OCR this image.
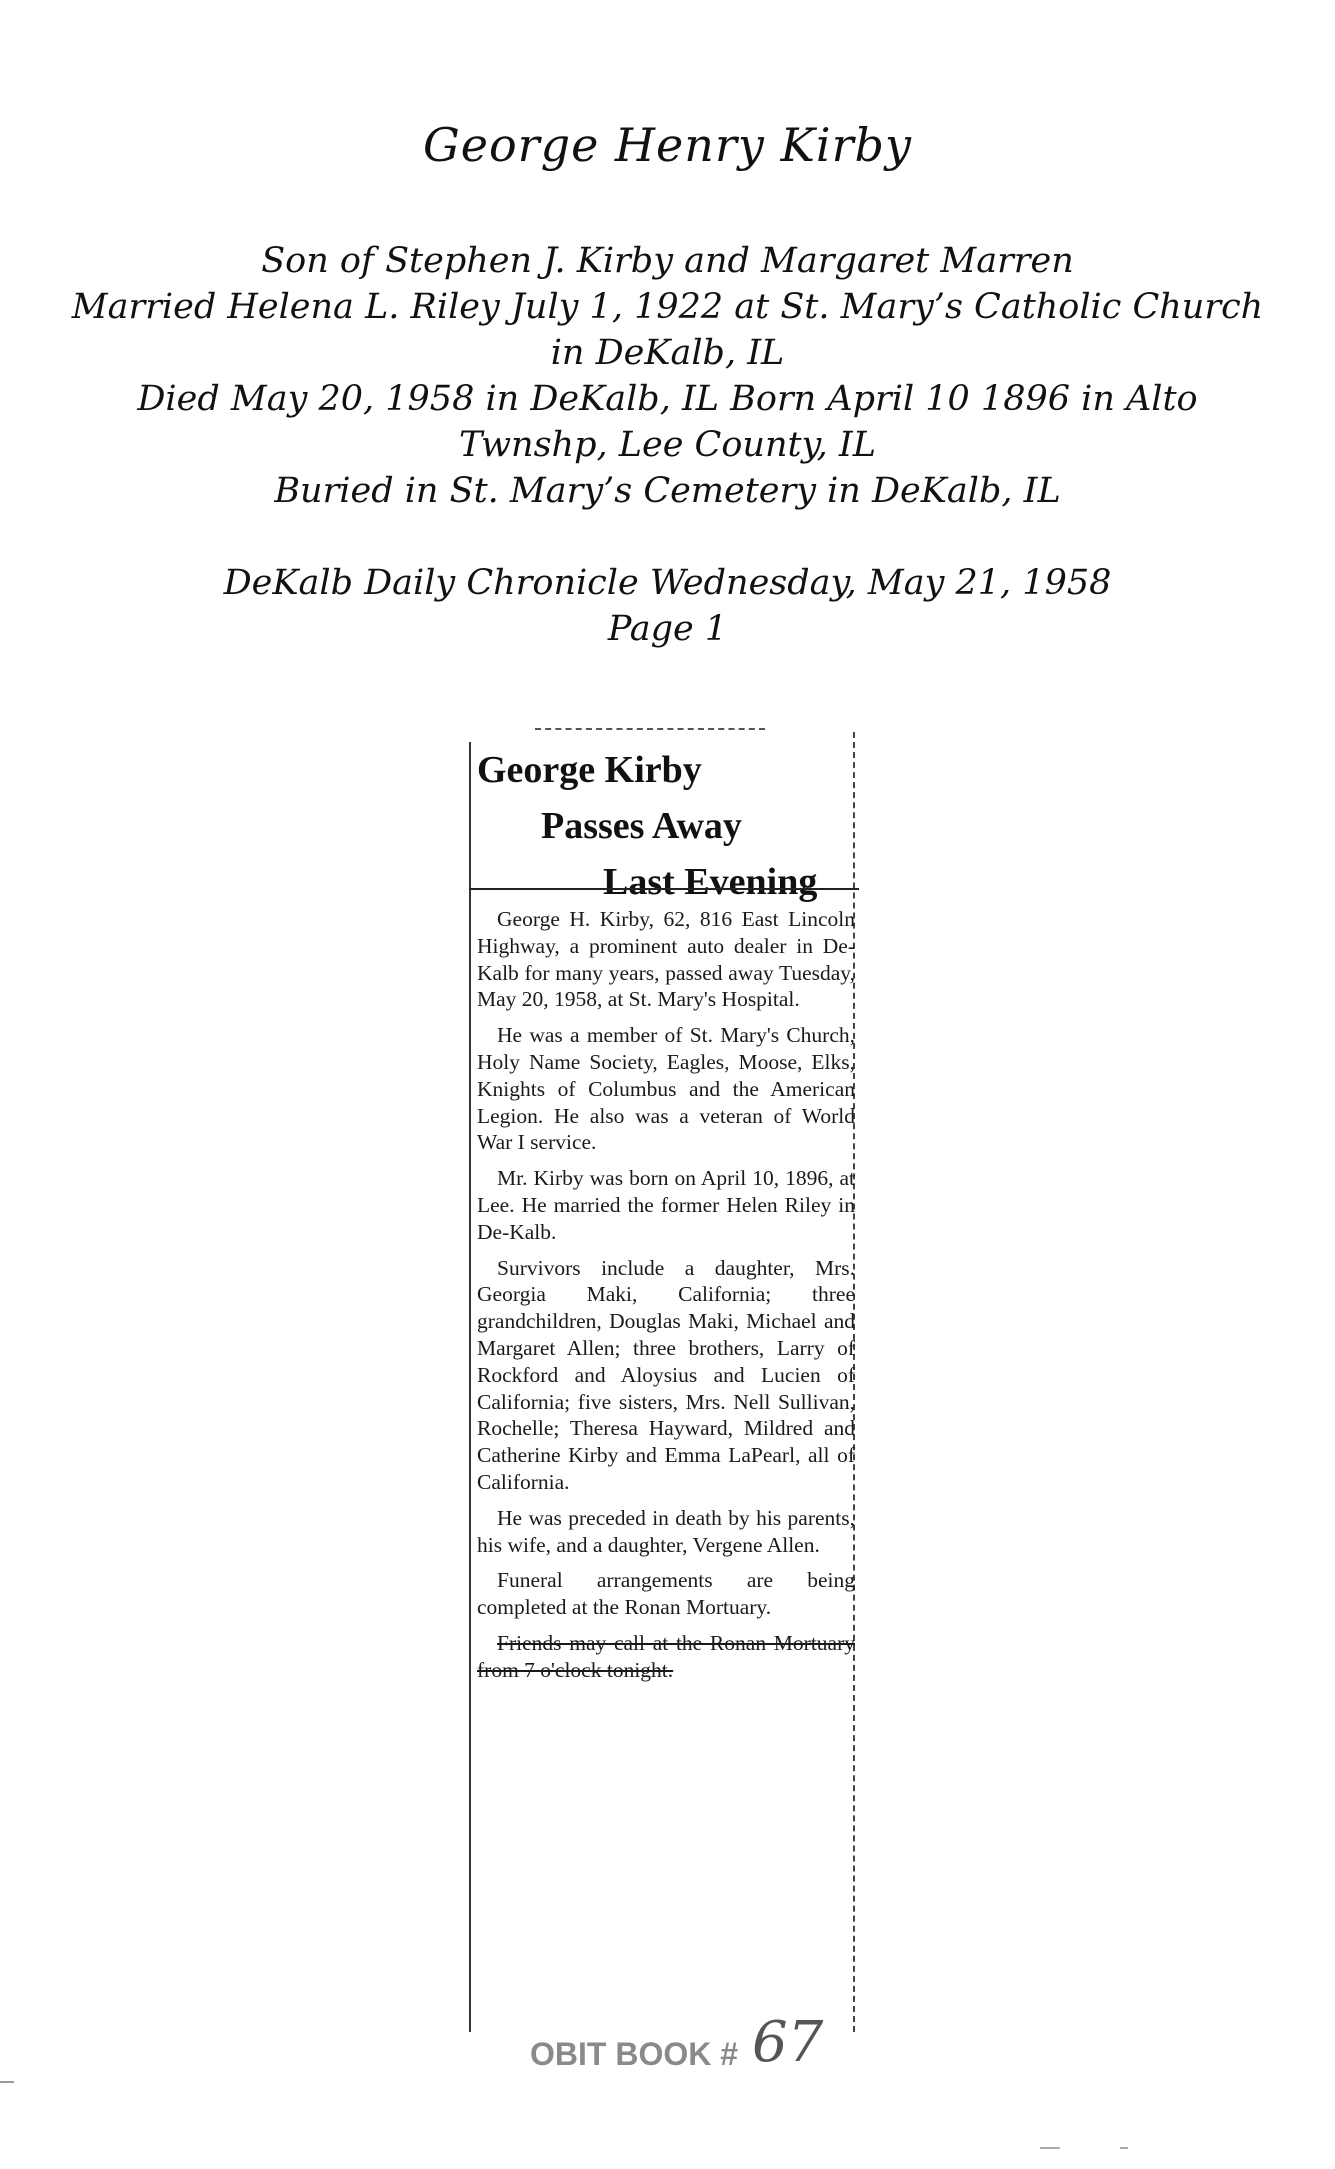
George Henry Kirby
Son of Stephen J. Kirby and Margaret Marren
Married Helena L. Riley July 1, 1922 at St. Mary’s Catholic Church
in DeKalb, IL
Died May 20, 1958 in DeKalb, IL Born April 10 1896 in Alto
Twnshp, Lee County, IL
Buried in St. Mary’s Cemetery in DeKalb, IL
DeKalb Daily Chronicle Wednesday, May 21, 1958
Page 1
George Kirby
Passes Away
Last Evening

George H. Kirby, 62, 816 East Lincoln Highway, a prominent auto dealer in De-Kalb for many years, passed away Tuesday, May 20, 1958, at St. Mary's Hospital.

He was a member of St. Mary's Church, Holy Name Society, Eagles, Moose, Elks, Knights of Columbus and the American Legion. He also was a veteran of World War I service.

Mr. Kirby was born on April 10, 1896, at Lee. He married the former Helen Riley in De-Kalb.

Survivors include a daughter, Mrs. Georgia Maki, California; three grandchildren, Douglas Maki, Michael and Margaret Allen; three brothers, Larry of Rockford and Aloysius and Lucien of California; five sisters, Mrs. Nell Sullivan, Rochelle; Theresa Hayward, Mildred and Catherine Kirby and Emma LaPearl, all of California.

He was preceded in death by his parents, his wife, and a daughter, Vergene Allen.

Funeral arrangements are being completed at the Ronan Mortuary.

Friends may call at the Ronan Mortuary from 7 o'clock tonight.

OBIT BOOK # 67
